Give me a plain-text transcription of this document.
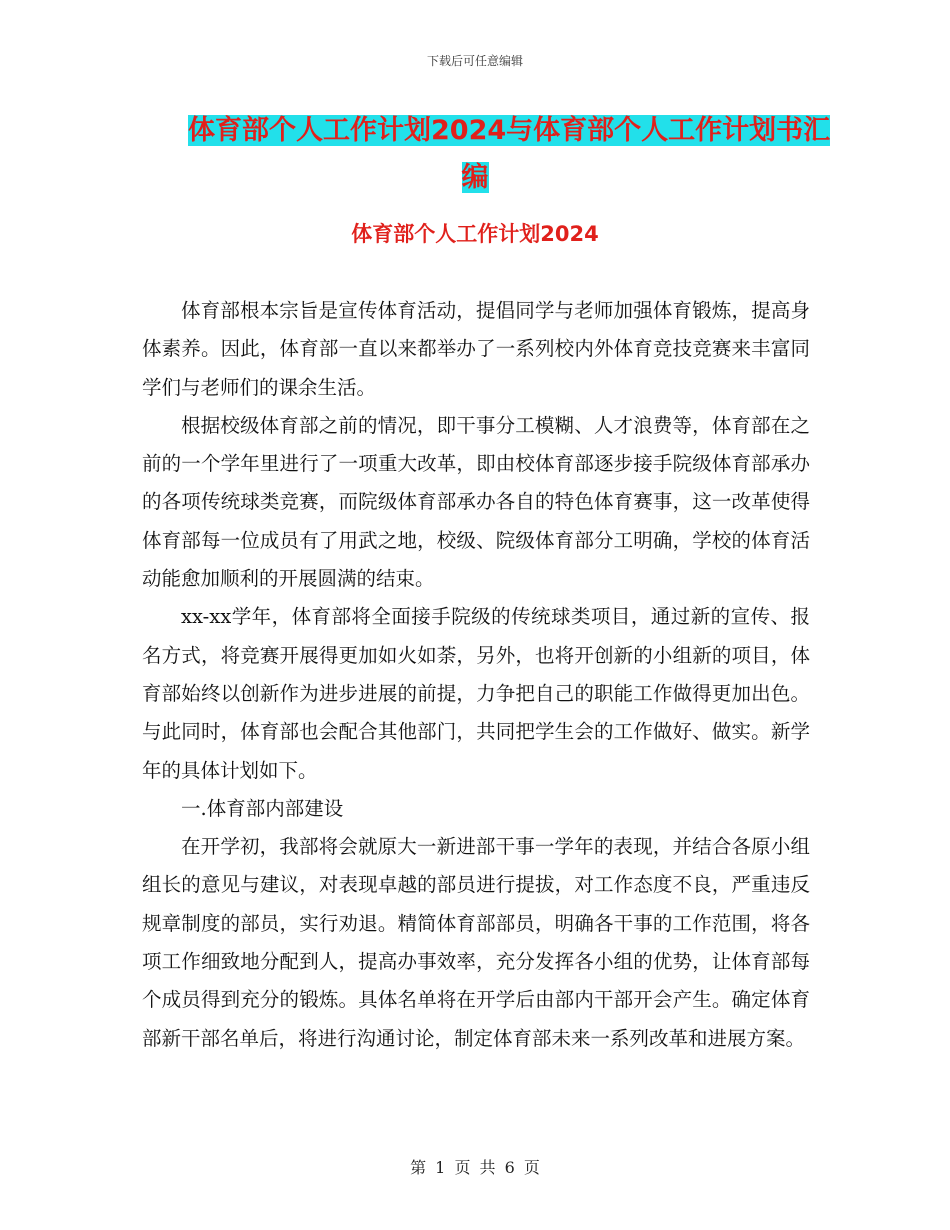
下载后可任意编辑
体育部个人工作计划2024与体育部个人工作计划书汇
编
体育部个人工作计划2024

体育部根本宗旨是宣传体育活动，提倡同学与老师加强体育锻炼，提高身体素养。因此，体育部一直以来都举办了一系列校内外体育竞技竞赛来丰富同学们与老师们的课余生活。

根据校级体育部之前的情况，即干事分工模糊、人才浪费等，体育部在之前的一个学年里进行了一项重大改革，即由校体育部逐步接手院级体育部承办的各项传统球类竞赛，而院级体育部承办各自的特色体育赛事，这一改革使得体育部每一位成员有了用武之地，校级、院级体育部分工明确，学校的体育活动能愈加顺利的开展圆满的结束。

xx-xx学年，体育部将全面接手院级的传统球类项目，通过新的宣传、报名方式，将竞赛开展得更加如火如荼，另外，也将开创新的小组新的项目，体育部始终以创新作为进步进展的前提，力争把自己的职能工作做得更加出色。与此同时，体育部也会配合其他部门，共同把学生会的工作做好、做实。新学年的具体计划如下。

一.体育部内部建设

在开学初，我部将会就原大一新进部干事一学年的表现，并结合各原小组组长的意见与建议，对表现卓越的部员进行提拔，对工作态度不良，严重违反规章制度的部员，实行劝退。精简体育部部员，明确各干事的工作范围，将各项工作细致地分配到人，提高办事效率，充分发挥各小组的优势，让体育部每个成员得到充分的锻炼。具体名单将在开学后由部内干部开会产生。确定体育部新干部名单后，将进行沟通讨论，制定体育部未来一系列改革和进展方案。

第 1 页 共 6 页
